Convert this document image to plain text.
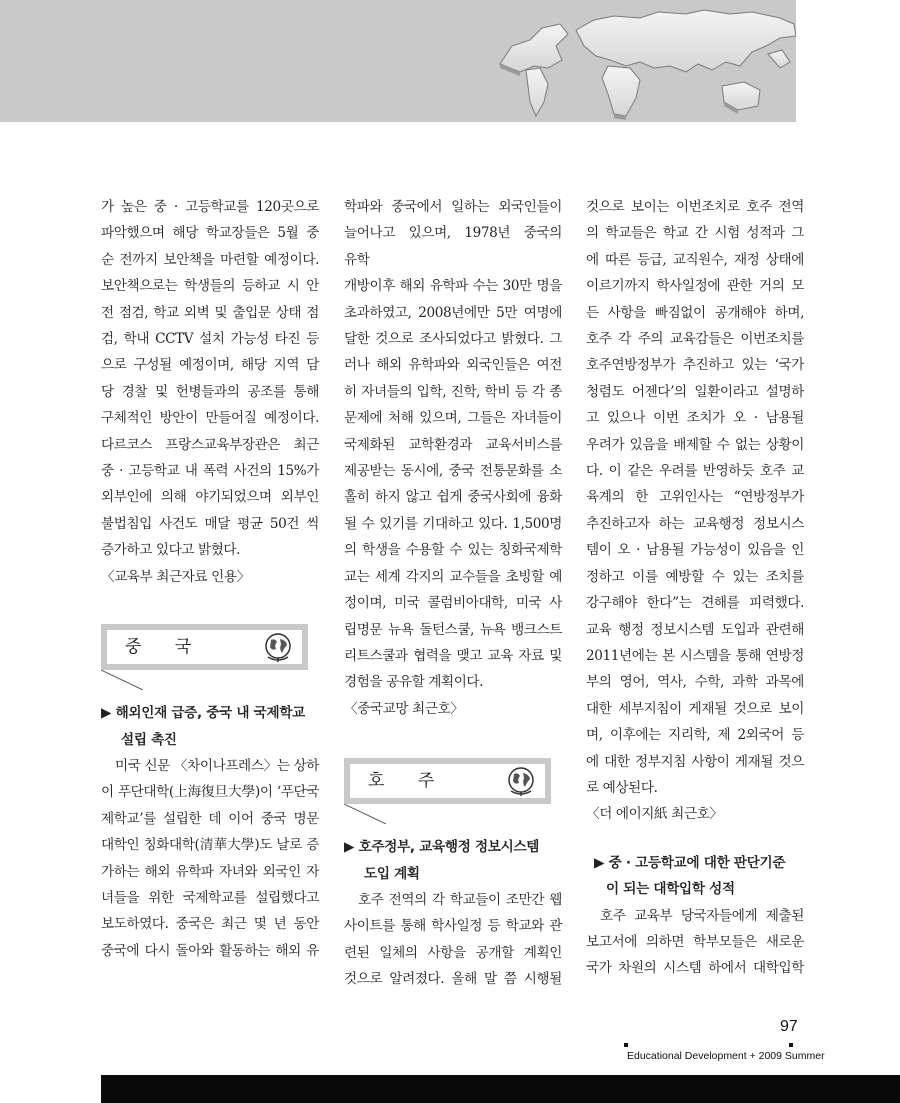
가 높은 중 · 고등학교를 120곳으로

파악했으며 해당 학교장들은 5월 중

순 전까지 보안책을 마련할 예정이다.

보안책으로는 학생들의 등하교 시 안

전 점검, 학교 외벽 및 출입문 상태 점

검, 학내 CCTV 설치 가능성 타진 등

으로 구성될 예정이며, 해당 지역 담

당 경찰 및 헌병들과의 공조를 통해

구체적인 방안이 만들어질 예정이다.

다르코스 프랑스교육부장관은 최근

중 · 고등학교 내 폭력 사건의 15%가

외부인에 의해 야기되었으며 외부인

불법침입 사건도 매달 평균 50건 씩

증가하고 있다고 밝혔다.

〈교육부 최근자료 인용〉

중 국
▶ 해외인재 급증, 중국 내 국제학교
설립 촉진

미국 신문 〈차이나프레스〉는 상하

이 푸단대학(上海復旦大學)이 ‘푸단국

제학교’를 설립한 데 이어 중국 명문

대학인 칭화대학(清華大學)도 날로 증

가하는 해외 유학파 자녀와 외국인 자

녀들을 위한 국제학교를 설립했다고

보도하였다. 중국은 최근 몇 년 동안

중국에 다시 돌아와 활동하는 해외 유

학파와 중국에서 일하는 외국인들이

늘어나고 있으며, 1978년 중국의 유학

개방이후 해외 유학파 수는 30만 명을

초과하였고, 2008년에만 5만 여명에

달한 것으로 조사되었다고 밝혔다. 그

러나 해외 유학파와 외국인들은 여전

히 자녀들의 입학, 진학, 학비 등 각 종

문제에 처해 있으며, 그들은 자녀들이

국제화된 교학환경과 교육서비스를

제공받는 동시에, 중국 전통문화를 소

홀히 하지 않고 쉽게 중국사회에 융화

될 수 있기를 기대하고 있다. 1,500명

의 학생을 수용할 수 있는 칭화국제학

교는 세계 각지의 교수들을 초빙할 예

정이며, 미국 콜럼비아대학, 미국 사

립명문 뉴욕 돌턴스쿨, 뉴욕 뱅크스트

리트스쿨과 협력을 맺고 교육 자료 및

경험을 공유할 계획이다.

〈중국교망 최근호〉

호 주
▶ 호주정부, 교육행정 정보시스템
도입 계획

호주 전역의 각 학교들이 조만간 웹

사이트를 통해 학사일정 등 학교와 관

련된 일체의 사항을 공개할 계획인

것으로 알려졌다. 올해 말 쯤 시행될

것으로 보이는 이번조치로 호주 전역

의 학교들은 학교 간 시험 성적과 그

에 따른 등급, 교직원수, 재정 상태에

이르기까지 학사일정에 관한 거의 모

든 사항을 빠짐없이 공개해야 하며,

호주 각 주의 교육감들은 이번조치를

호주연방정부가 추진하고 있는 ‘국가

청렴도 어젠다’의 일환이라고 설명하

고 있으나 이번 조치가 오 · 남용될

우려가 있음을 배제할 수 없는 상황이

다. 이 같은 우려를 반영하듯 호주 교

육계의 한 고위인사는 “연방정부가

추진하고자 하는 교육행정 정보시스

템이 오 · 남용될 가능성이 있음을 인

정하고 이를 예방할 수 있는 조치를

강구해야 한다”는 견해를 피력했다.

교육 행정 정보시스템 도입과 관련해

2011년에는 본 시스템을 통해 연방정

부의 영어, 역사, 수학, 과학 과목에

대한 세부지침이 게재될 것으로 보이

며, 이후에는 지리학, 제 2외국어 등

에 대한 정부지침 사항이 게재될 것으

로 예상된다.

〈더 에이지紙 최근호〉

▶ 중 · 고등학교에 대한 판단기준
이 되는 대학입학 성적

호주 교육부 당국자들에게 제출된

보고서에 의하면 학부모들은 새로운

국가 차원의 시스템 하에서 대학입학

97
Educational Development + 2009 Summer
